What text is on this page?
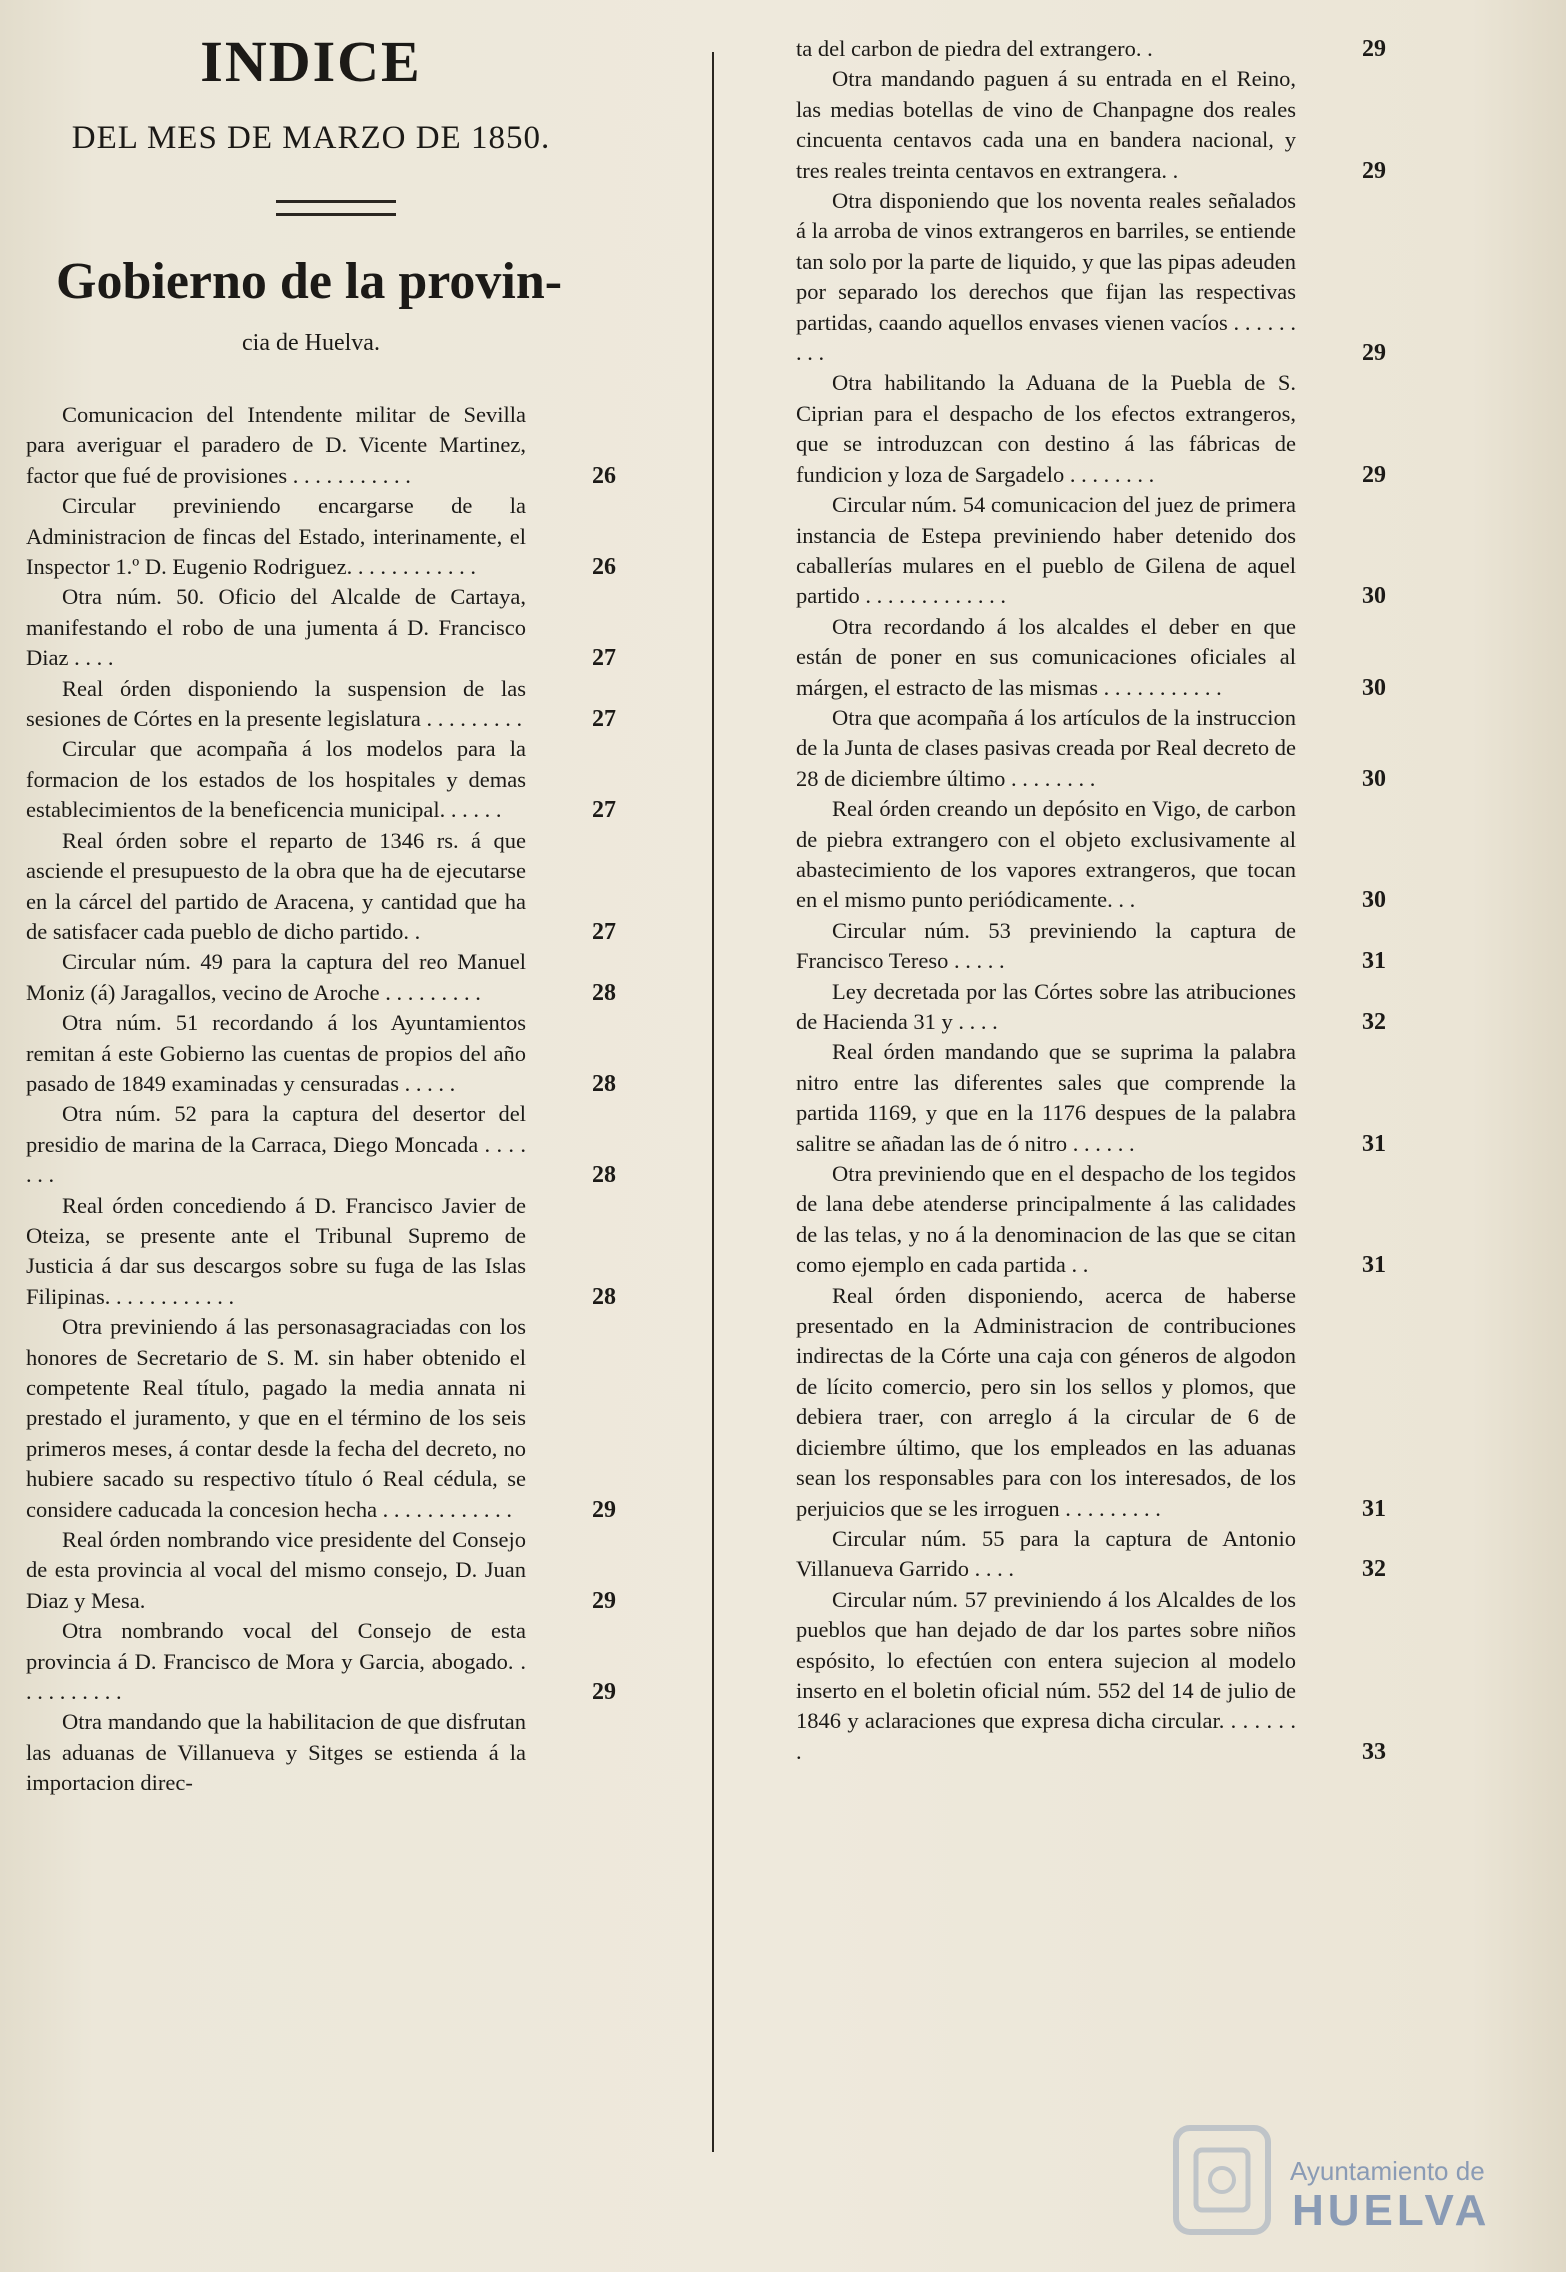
INDICE
DEL MES DE MARZO DE 1850.
Gobierno de la provin-
cia de Huelva.
Comunicacion del Intendente militar de Sevilla para averiguar el paradero de D. Vicente Martinez, factor que fué de provisiones . . . . . . . . . . .	26
Circular previniendo encargarse de la Administracion de fincas del Estado, interinamente, el Inspector 1.º D. Eugenio Rodriguez. . . . . . . . . . . .	26
Otra núm. 50. Oficio del Alcalde de Cartaya, manifestando el robo de una jumenta á D. Francisco Diaz . . . .	27
Real órden disponiendo la suspension de las sesiones de Córtes en la presente legislatura . . . . . . . . .	27
Circular que acompaña á los modelos para la formacion de los estados de los hospitales y demas establecimientos de la beneficencia municipal. . . . . .	27
Real órden sobre el reparto de 1346 rs. á que asciende el presupuesto de la obra que ha de ejecutarse en la cárcel del partido de Aracena, y cantidad que ha de satisfacer cada pueblo de dicho partido. .	27
Circular núm. 49 para la captura del reo Manuel Moniz (á) Jaragallos, vecino de Aroche . . . . . . . . .	28
Otra núm. 51 recordando á los Ayuntamientos remitan á este Gobierno las cuentas de propios del año pasado de 1849 examinadas y censuradas . . . . .	28
Otra núm. 52 para la captura del desertor del presidio de marina de la Carraca, Diego Moncada . . . . . . .	28
Real órden concediendo á D. Francisco Javier de Oteiza, se presente ante el Tribunal Supremo de Justicia á dar sus descargos sobre su fuga de las Islas Filipinas. . . . . . . . . . . .	28
Otra previniendo á las personasagraciadas con los honores de Secretario de S. M. sin haber obtenido el competente Real título, pagado la media annata ni prestado el juramento, y que en el término de los seis primeros meses, á contar desde la fecha del decreto, no hubiere sacado su respectivo título ó Real cédula, se considere caducada la concesion hecha . . . . . . . . . . . .	29
Real órden nombrando vice presidente del Consejo de esta provincia al vocal del mismo consejo, D. Juan Diaz y Mesa.	29
Otra nombrando vocal del Consejo de esta provincia á D. Francisco de Mora y Garcia, abogado. . . . . . . . . . .	29
Otra mandando que la habilitacion de que disfrutan las aduanas de Villanueva y Sitges se estienda á la importacion direc-
ta del carbon de piedra del extrangero. .	29
Otra mandando paguen á su entrada en el Reino, las medias botellas de vino de Chanpagne dos reales cincuenta centavos cada una en bandera nacional, y tres reales treinta centavos en extrangera. .	29
Otra disponiendo que los noventa reales señalados á la arroba de vinos extrangeros en barriles, se entiende tan solo por la parte de liquido, y que las pipas adeuden por separado los derechos que fijan las respectivas partidas, caando aquellos envases vienen vacíos . . . . . . . . .	29
Otra habilitando la Aduana de la Puebla de S. Ciprian para el despacho de los efectos extrangeros, que se introduzcan con destino á las fábricas de fundicion y loza de Sargadelo . . . . . . . .	29
Circular núm. 54 comunicacion del juez de primera instancia de Estepa previniendo haber detenido dos caballerías mulares en el pueblo de Gilena de aquel partido . . . . . . . . . . . . .	30
Otra recordando á los alcaldes el deber en que están de poner en sus comunicaciones oficiales al márgen, el estracto de las mismas . . . . . . . . . . .	30
Otra que acompaña á los artículos de la instruccion de la Junta de clases pasivas creada por Real decreto de 28 de diciembre último . . . . . . . .	30
Real órden creando un depósito en Vigo, de carbon de piebra extrangero con el objeto exclusivamente al abastecimiento de los vapores extrangeros, que tocan en el mismo punto periódicamente. . .	30
Circular núm. 53 previniendo la captura de Francisco Tereso . . . . .	31
Ley decretada por las Córtes sobre las atribuciones de Hacienda 31 y . . . .	32
Real órden mandando que se suprima la palabra nitro entre las diferentes sales que comprende la partida 1169, y que en la 1176 despues de la palabra salitre se añadan las de ó nitro . . . . . .	31
Otra previniendo que en el despacho de los tegidos de lana debe atenderse principalmente á las calidades de las telas, y no á la denominacion de las que se citan como ejemplo en cada partida . .	31
Real órden disponiendo, acerca de haberse presentado en la Administracion de contribuciones indirectas de la Córte una caja con géneros de algodon de lícito comercio, pero sin los sellos y plomos, que debiera traer, con arreglo á la circular de 6 de diciembre último, que los empleados en las aduanas sean los responsables para con los interesados, de los perjuicios que se les irroguen . . . . . . . . .	31
Circular núm. 55 para la captura de Antonio Villanueva Garrido . . . .	32
Circular núm. 57 previniendo á los Alcaldes de los pueblos que han dejado de dar los partes sobre niños espósito, lo efectúen con entera sujecion al modelo inserto en el boletin oficial núm. 552 del 14 de julio de 1846 y aclaraciones que expresa dicha circular. . . . . . . .	33
Ayuntamiento de
HUELVA
